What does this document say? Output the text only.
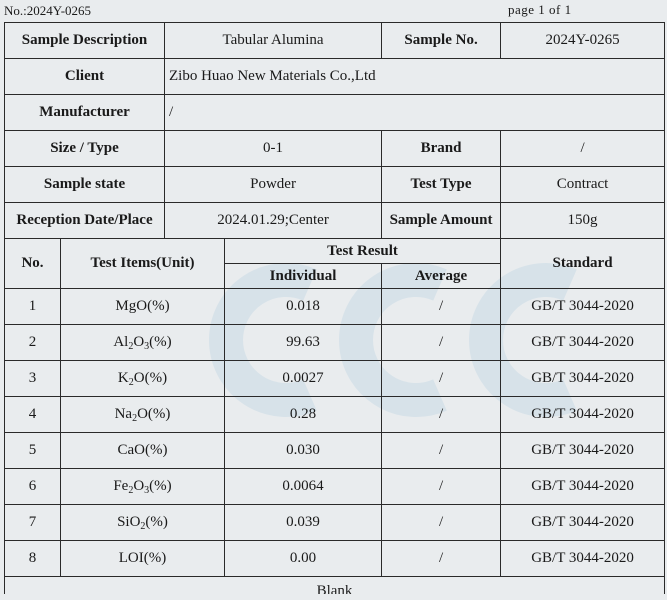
No.:2024Y-0265	page 1 of 1
Sample Description		Tabular Alumina		Sample No.	2024Y-0265
Client		Zibo Huao New Materials Co.,Ltd			
Manufacturer		/			
Size / Type		0-1		Brand	/
Sample state		Powder		Test Type	Contract
Reception Date/Place		2024.01.29;Center		Sample Amount	150g
No.	Test Items(Unit)		Test Result		Standard
			Individual	Average	
1	MgO(%)		0.018	/	GB/T 3044-2020
2	$Al_2O_3(\%)$		99.63	/	GB/T 3044-2020
3	$K_2O(\%)$		0.0027	/	GB/T 3044-2020
4	$Na_2O(\%)$		0.28	/	GB/T 3044-2020
5	CaO(%)		0.030	/	GB/T 3044-2020
6	$Fe_2O_3(\%)$		0.0064	/	GB/T 3044-2020
7	SiO$_2$(%)		0.039	/	GB/T 3044-2020
8	LOI(%)		0.00	/	GB/T 3044-2020
Blank					
